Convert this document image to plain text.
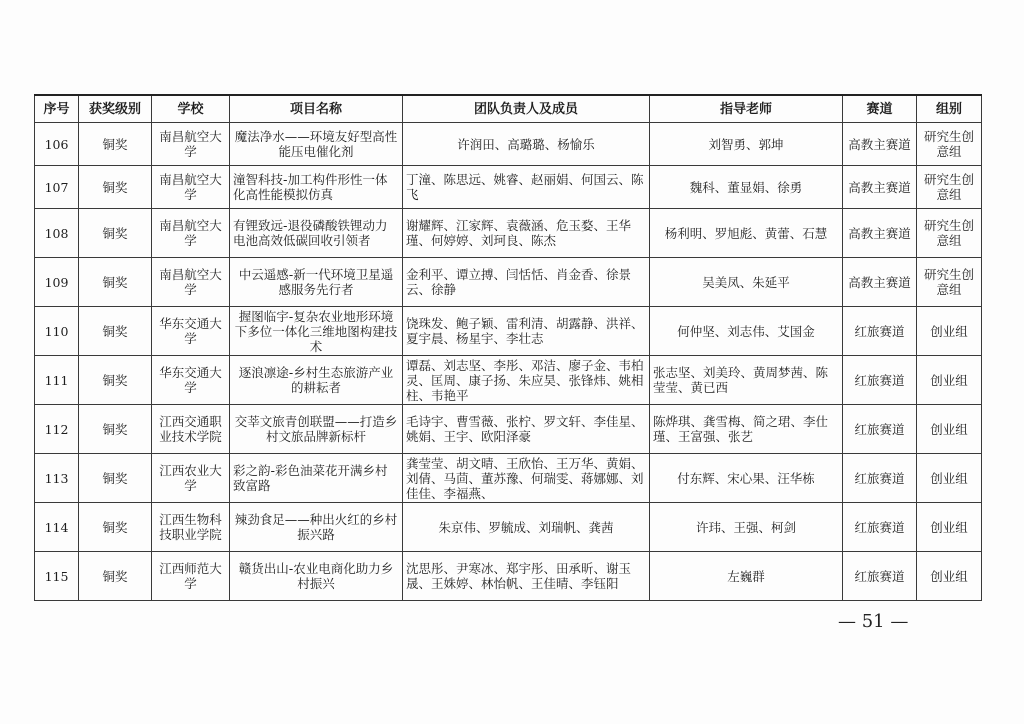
序号	获奖级别	学校	项目名称	团队负责人及成员	指导老师	赛道	组别
106	铜奖	南昌航空大学	魔法净水——环境友好型高性能压电催化剂	许润田、高璐璐、杨愉乐	刘智勇、郭坤	高教主赛道	研究生创意组
107	铜奖	南昌航空大学	潼智科技-加工构件形性一体化高性能模拟仿真	丁潼、陈思远、姚睿、赵丽娟、何国云、陈飞	魏科、董显娟、徐勇	高教主赛道	研究生创意组
108	铜奖	南昌航空大学	有锂致远-退役磷酸铁锂动力电池高效低碳回收引领者	谢耀辉、江家辉、袁薇涵、危玉婺、王华瑾、何婷婷、刘珂良、陈杰	杨利明、罗旭彪、黄蕾、石慧	高教主赛道	研究生创意组
109	铜奖	南昌航空大学	中云遥感-新一代环境卫星遥感服务先行者	金利平、谭立搏、闫恬恬、肖金香、徐景云、徐静	吴美凤、朱延平	高教主赛道	研究生创意组
110	铜奖	华东交通大学	握图临宇-复杂农业地形环境下多位一体化三维地图构建技术	饶珠发、鲍子颖、雷利清、胡露静、洪祥、夏宇晨、杨星宇、李壮志	何仲坚、刘志伟、艾国金	红旅赛道	创业组
111	铜奖	华东交通大学	逐浪凛途-乡村生态旅游产业的耕耘者	谭磊、刘志坚、李彤、邓洁、廖子金、韦柏灵、匡周、康子扬、朱应昊、张锋炜、姚相柱、韦艳平	张志坚、刘美玲、黄周梦茜、陈莹莹、黄已西	红旅赛道	创业组
112	铜奖	江西交通职业技术学院	交莘文旅青创联盟——打造乡村文旅品牌新标杆	毛诗宇、曹雪薇、张柠、罗文轩、李佳星、姚娟、王宇、欧阳泽豪	陈烨琪、龚雪梅、简之珺、李仕瑾、王富强、张艺	红旅赛道	创业组
113	铜奖	江西农业大学	彩之韵-彩色油菜花开满乡村致富路	龚莹莹、胡文晴、王欣怡、王万华、黄娟、刘倩、马茴、董苏豫、何瑞雯、蒋娜娜、刘佳佳、李福燕、	付东辉、宋心果、汪华栋	红旅赛道	创业组
114	铜奖	江西生物科技职业学院	辣劲食足——种出火红的乡村振兴路	朱京伟、罗毓成、刘瑞帆、龚茜	许玮、王强、柯剑	红旅赛道	创业组
115	铜奖	江西师范大学	赣货出山-农业电商化助力乡村振兴	沈思彤、尹寒冰、郑宇彤、田承昕、谢玉晟、王姝婷、林怡帆、王佳晴、李钰阳	左巍群	红旅赛道	创业组
— 51 —
